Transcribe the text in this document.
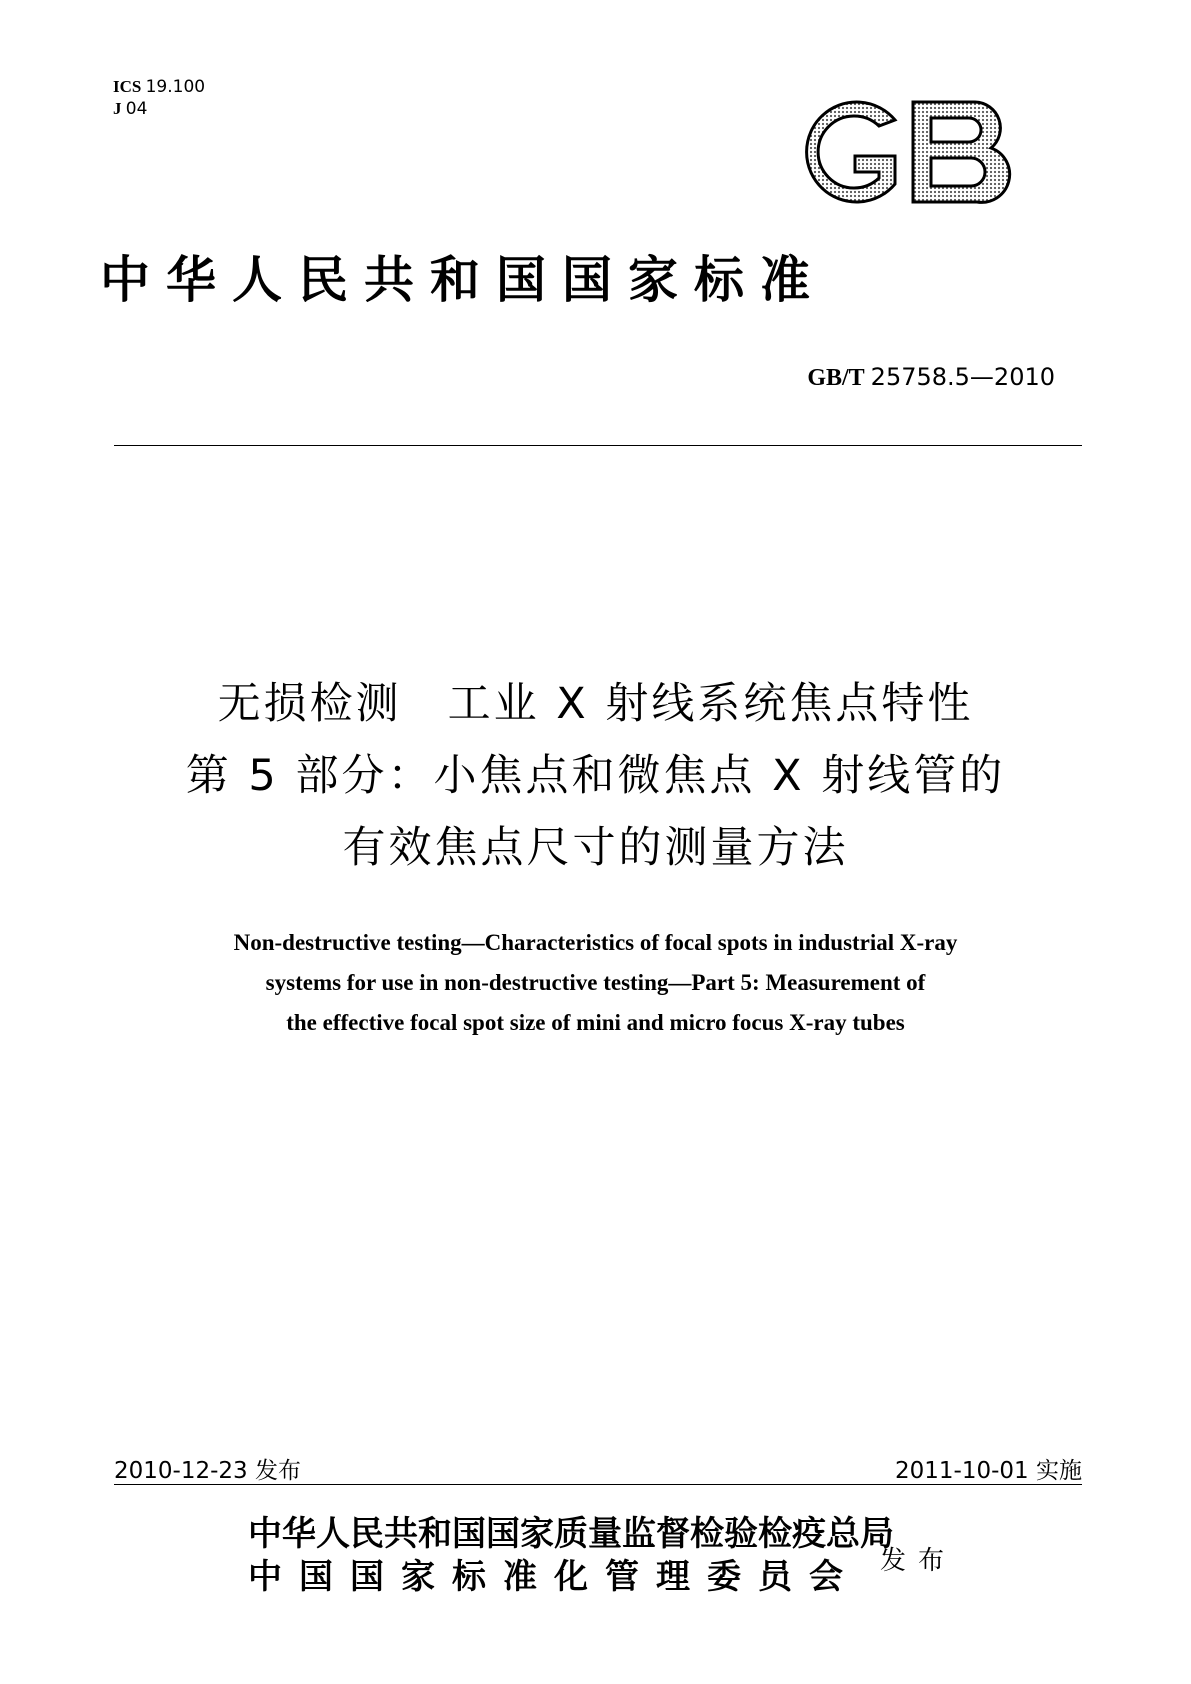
ICS 19.100
J 04
中华人民共和国国家标准
GB/T 25758.5—2010
无损检测　工业 X 射线系统焦点特性
第 5 部分：小焦点和微焦点 X 射线管的
有效焦点尺寸的测量方法
Non-destructive testing—Characteristics of focal spots in industrial X-ray
systems for use in non-destructive testing—Part 5: Measurement of
the effective focal spot size of mini and micro focus X-ray tubes
2010-12-23 发布	2011-10-01 实施
中华人民共和国国家质量监督检验检疫总局
中国国家标准化管理委员会 发布
